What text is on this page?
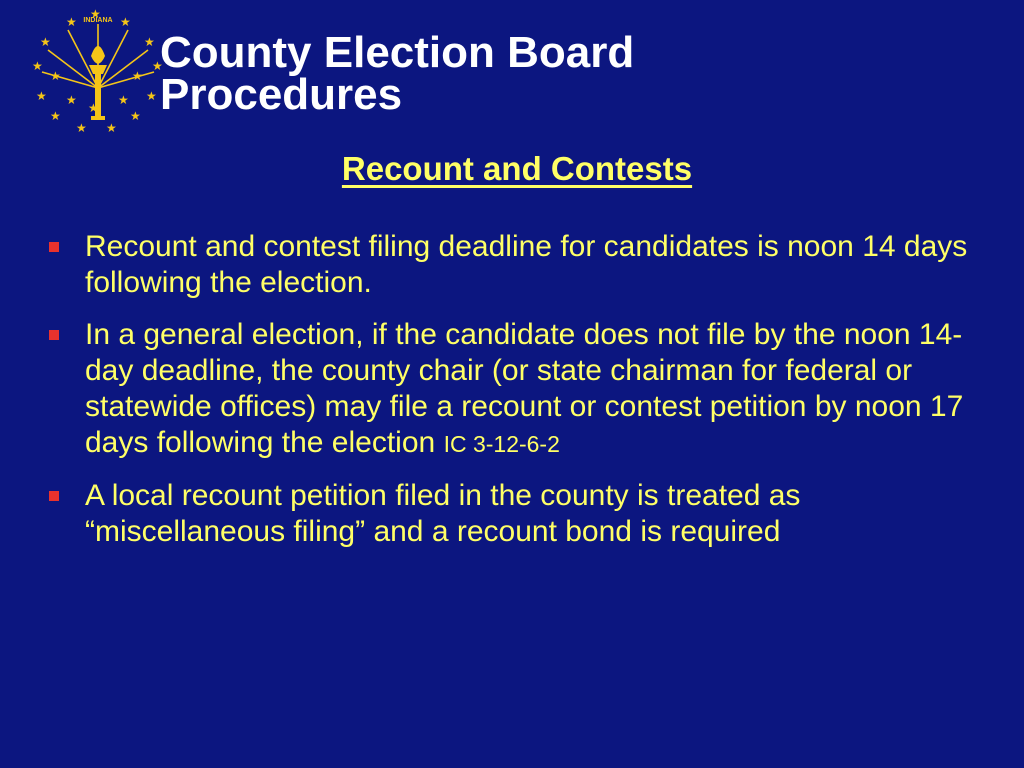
INDIANA
★
★
★
★	★
★	★
★	★
★	★
★	★
★	★
★ ★
★
County Election Board
Procedures
Recount and Contests
Recount and contest filing deadline for candidates is noon 14 days following the election.
In a general election, if the candidate does not file by the noon 14-day deadline, the county chair (or state chairman for federal or statewide offices) may file a recount or contest petition by noon 17 days following the election IC 3-12-6-2
A local recount petition filed in the county is treated as “miscellaneous filing” and a recount bond is required
